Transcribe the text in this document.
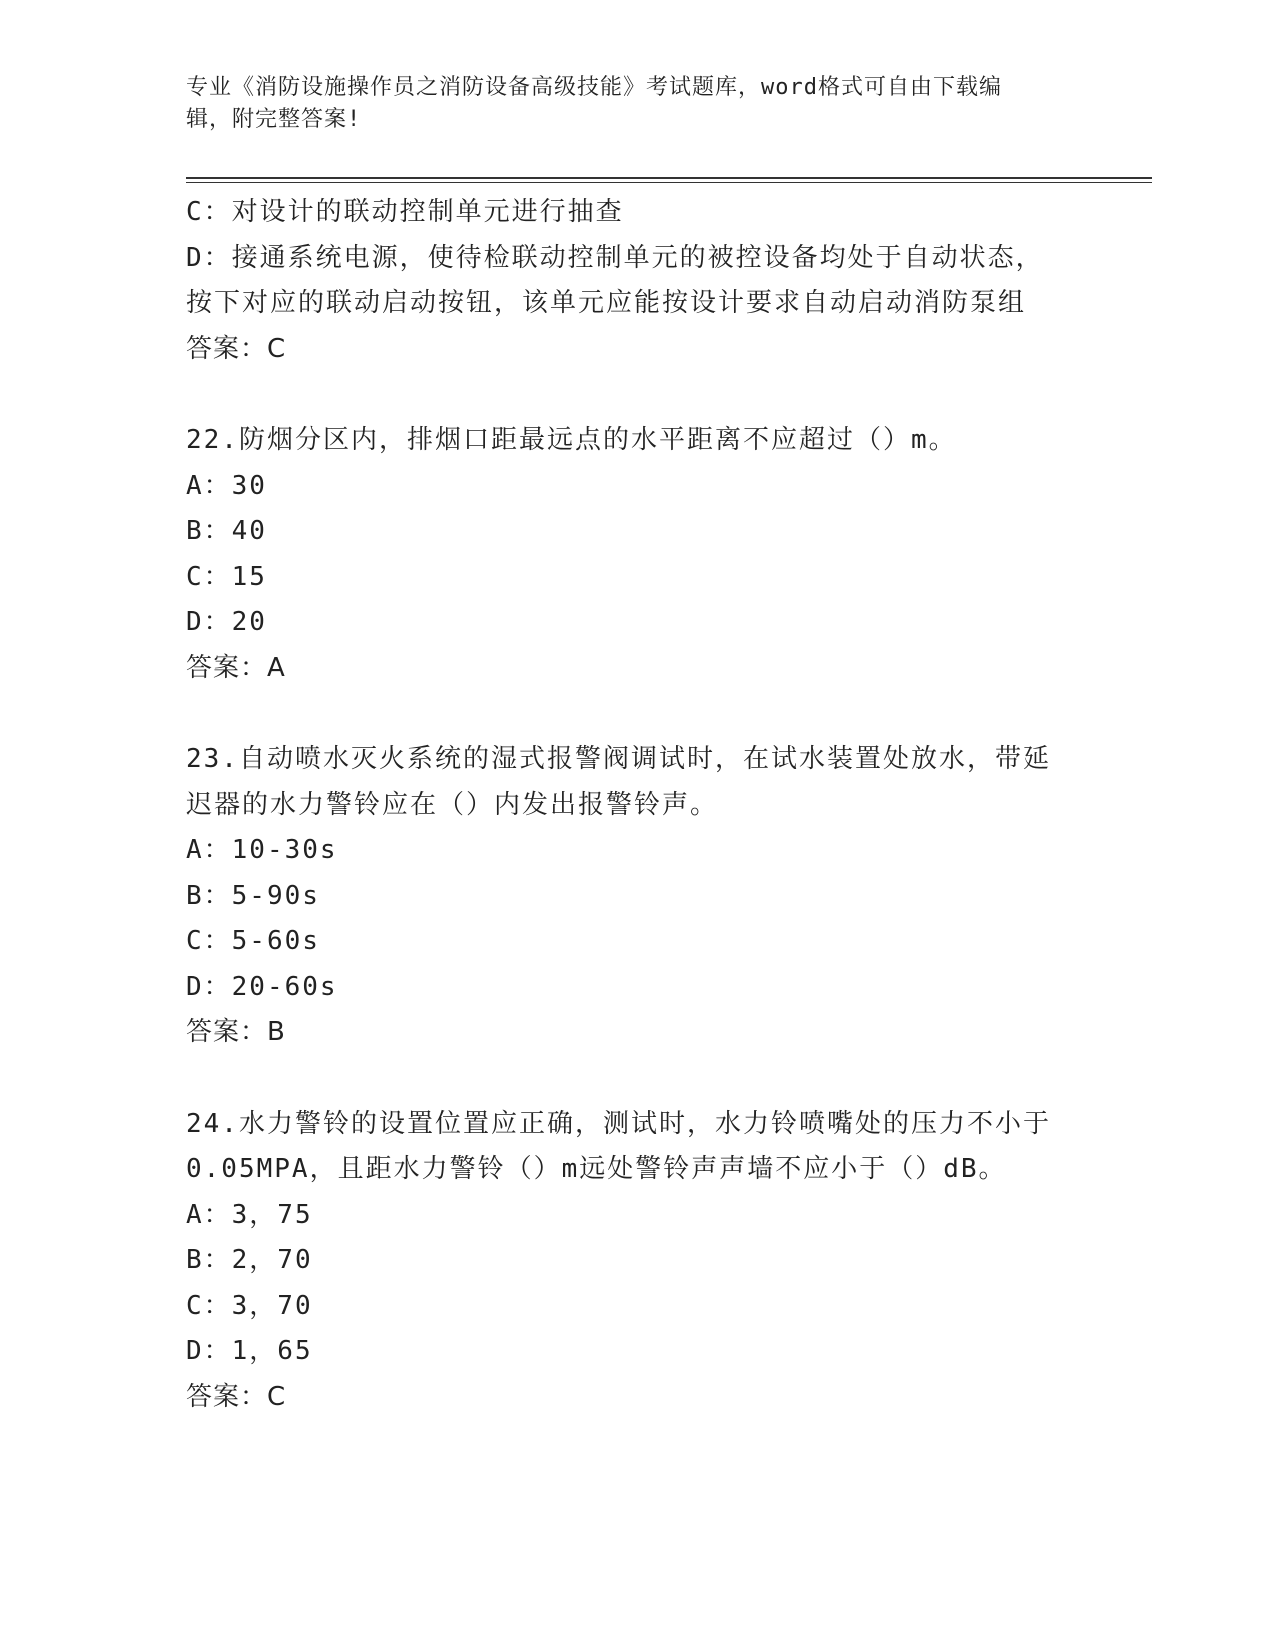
专业《消防设施操作员之消防设备高级技能》考试题库，word格式可自由下载编
辑，附完整答案!
C：对设计的联动控制单元进行抽查
D：接通系统电源，使待检联动控制单元的被控设备均处于自动状态，
按下对应的联动启动按钮，该单元应能按设计要求自动启动消防泵组
答案：C
22.防烟分区内，排烟口距最远点的水平距离不应超过（）m。
A：30
B：40
C：15
D：20
答案：A
23.自动喷水灭火系统的湿式报警阀调试时，在试水装置处放水，带延
迟器的水力警铃应在（）内发出报警铃声。
A：10-30s
B：5-90s
C：5-60s
D：20-60s
答案：B
24.水力警铃的设置位置应正确，测试时，水力铃喷嘴处的压力不小于
0.05MPA，且距水力警铃（）m远处警铃声声墙不应小于（）dB。
A：3，75
B：2，70
C：3，70
D：1，65
答案：C
